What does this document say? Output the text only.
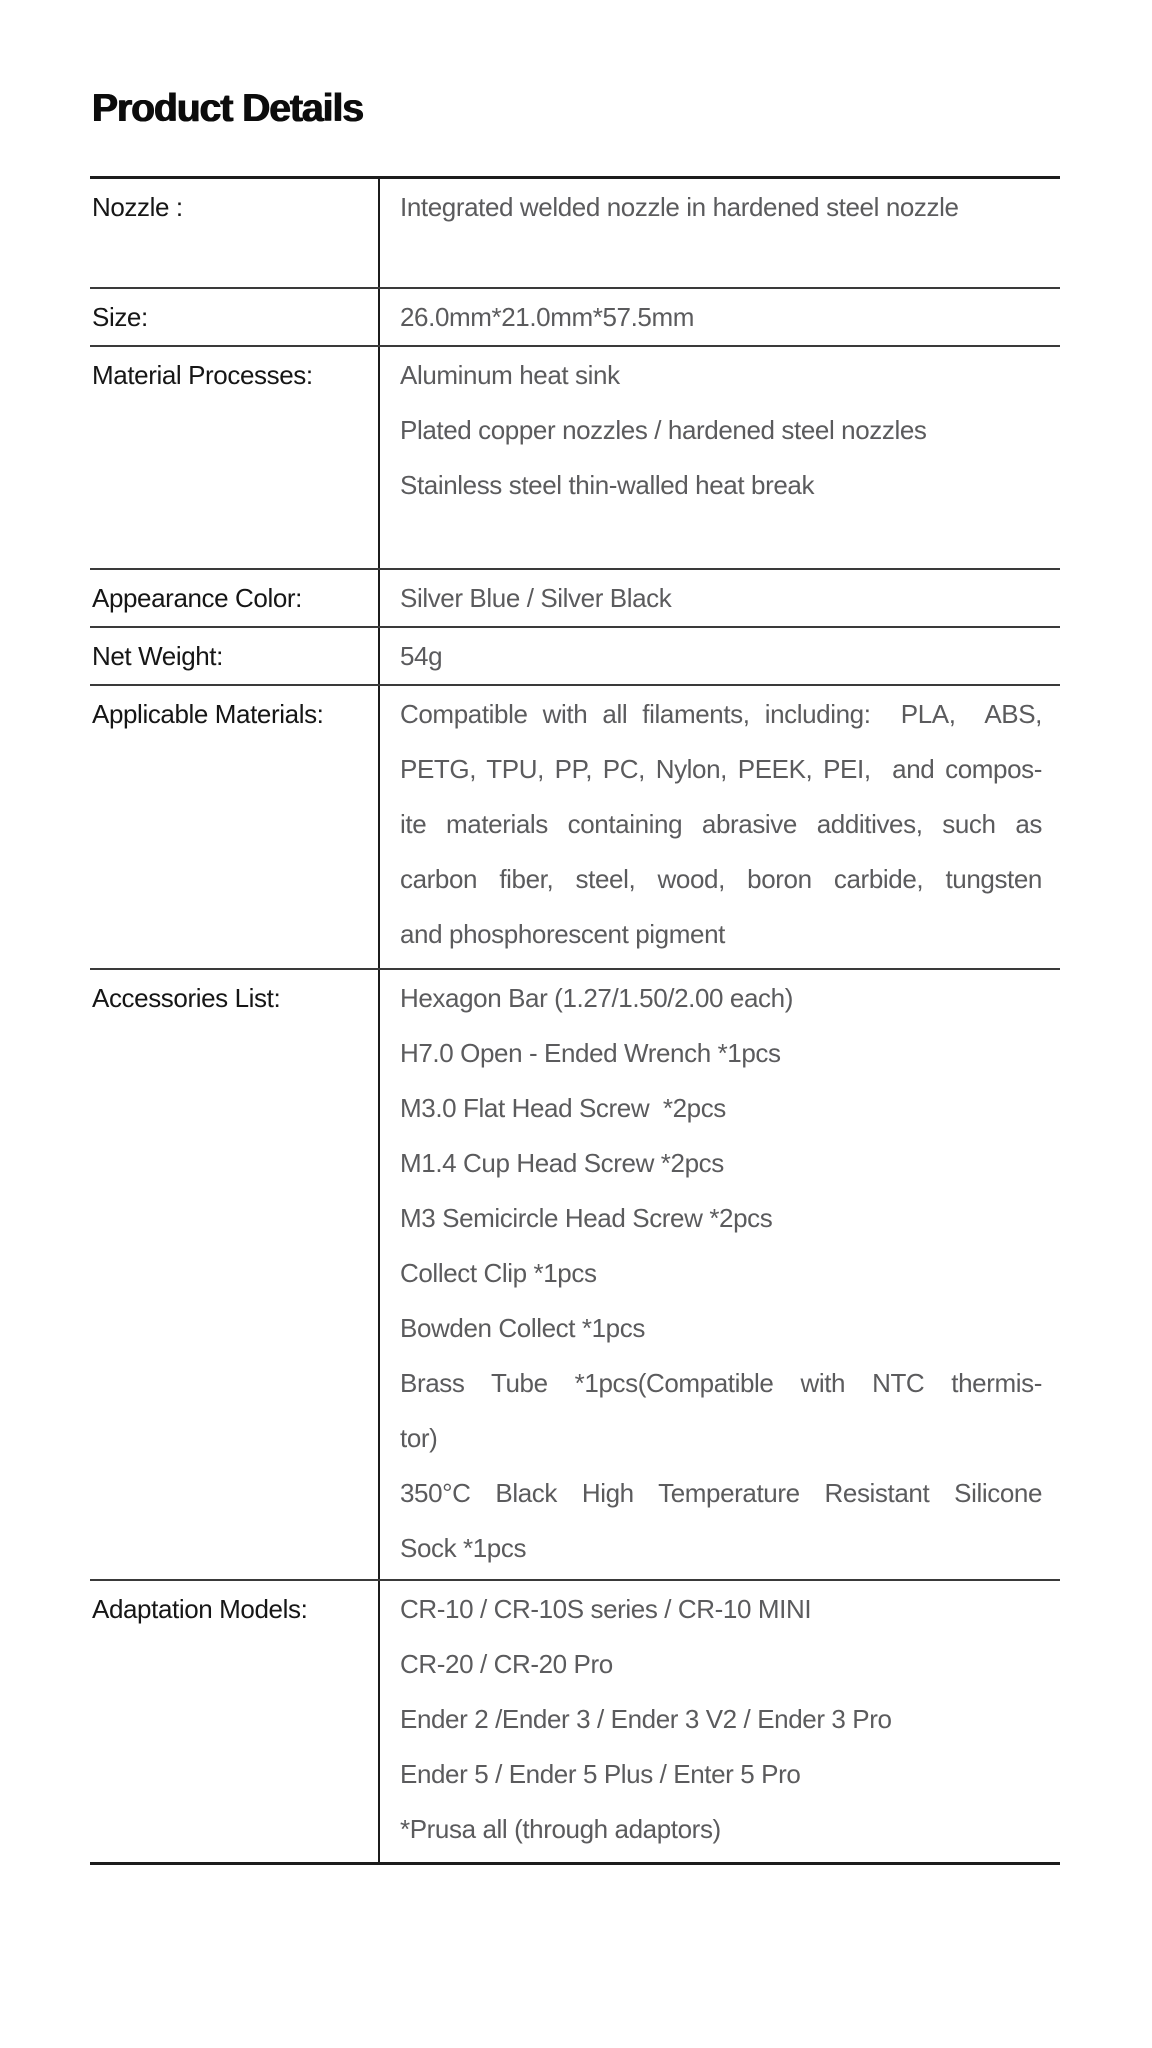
Product Details
Nozzle :	Integrated welded nozzle in hardened steel nozzle
Size:	26.0mm*21.0mm*57.5mm
Material Processes:	Aluminum heat sink
Plated copper nozzles / hardened steel nozzles
Stainless steel thin-walled heat break
Appearance Color:	Silver Blue / Silver Black
Net Weight:	54g
Applicable Materials:	Compatible with all filaments, including:  PLA,  ABS,
PETG, TPU, PP, PC, Nylon, PEEK, PEI,  and compos-
ite materials containing abrasive additives, such as
carbon fiber, steel, wood, boron carbide, tungsten
and phosphorescent pigment
Accessories List:	Hexagon Bar (1.27/1.50/2.00 each)
H7.0 Open - Ended Wrench *1pcs
M3.0 Flat Head Screw  *2pcs
M1.4 Cup Head Screw *2pcs
M3 Semicircle Head Screw *2pcs
Collect Clip *1pcs
Bowden Collect *1pcs
Brass Tube *1pcs(Compatible with NTC thermis-
tor)
350°C Black High Temperature Resistant Silicone
Sock *1pcs
Adaptation Models:	CR-10 / CR-10S series / CR-10 MINI
CR-20 / CR-20 Pro
Ender 2 /Ender 3 / Ender 3 V2 / Ender 3 Pro
Ender 5 / Ender 5 Plus / Enter 5 Pro
*Prusa all (through adaptors)
